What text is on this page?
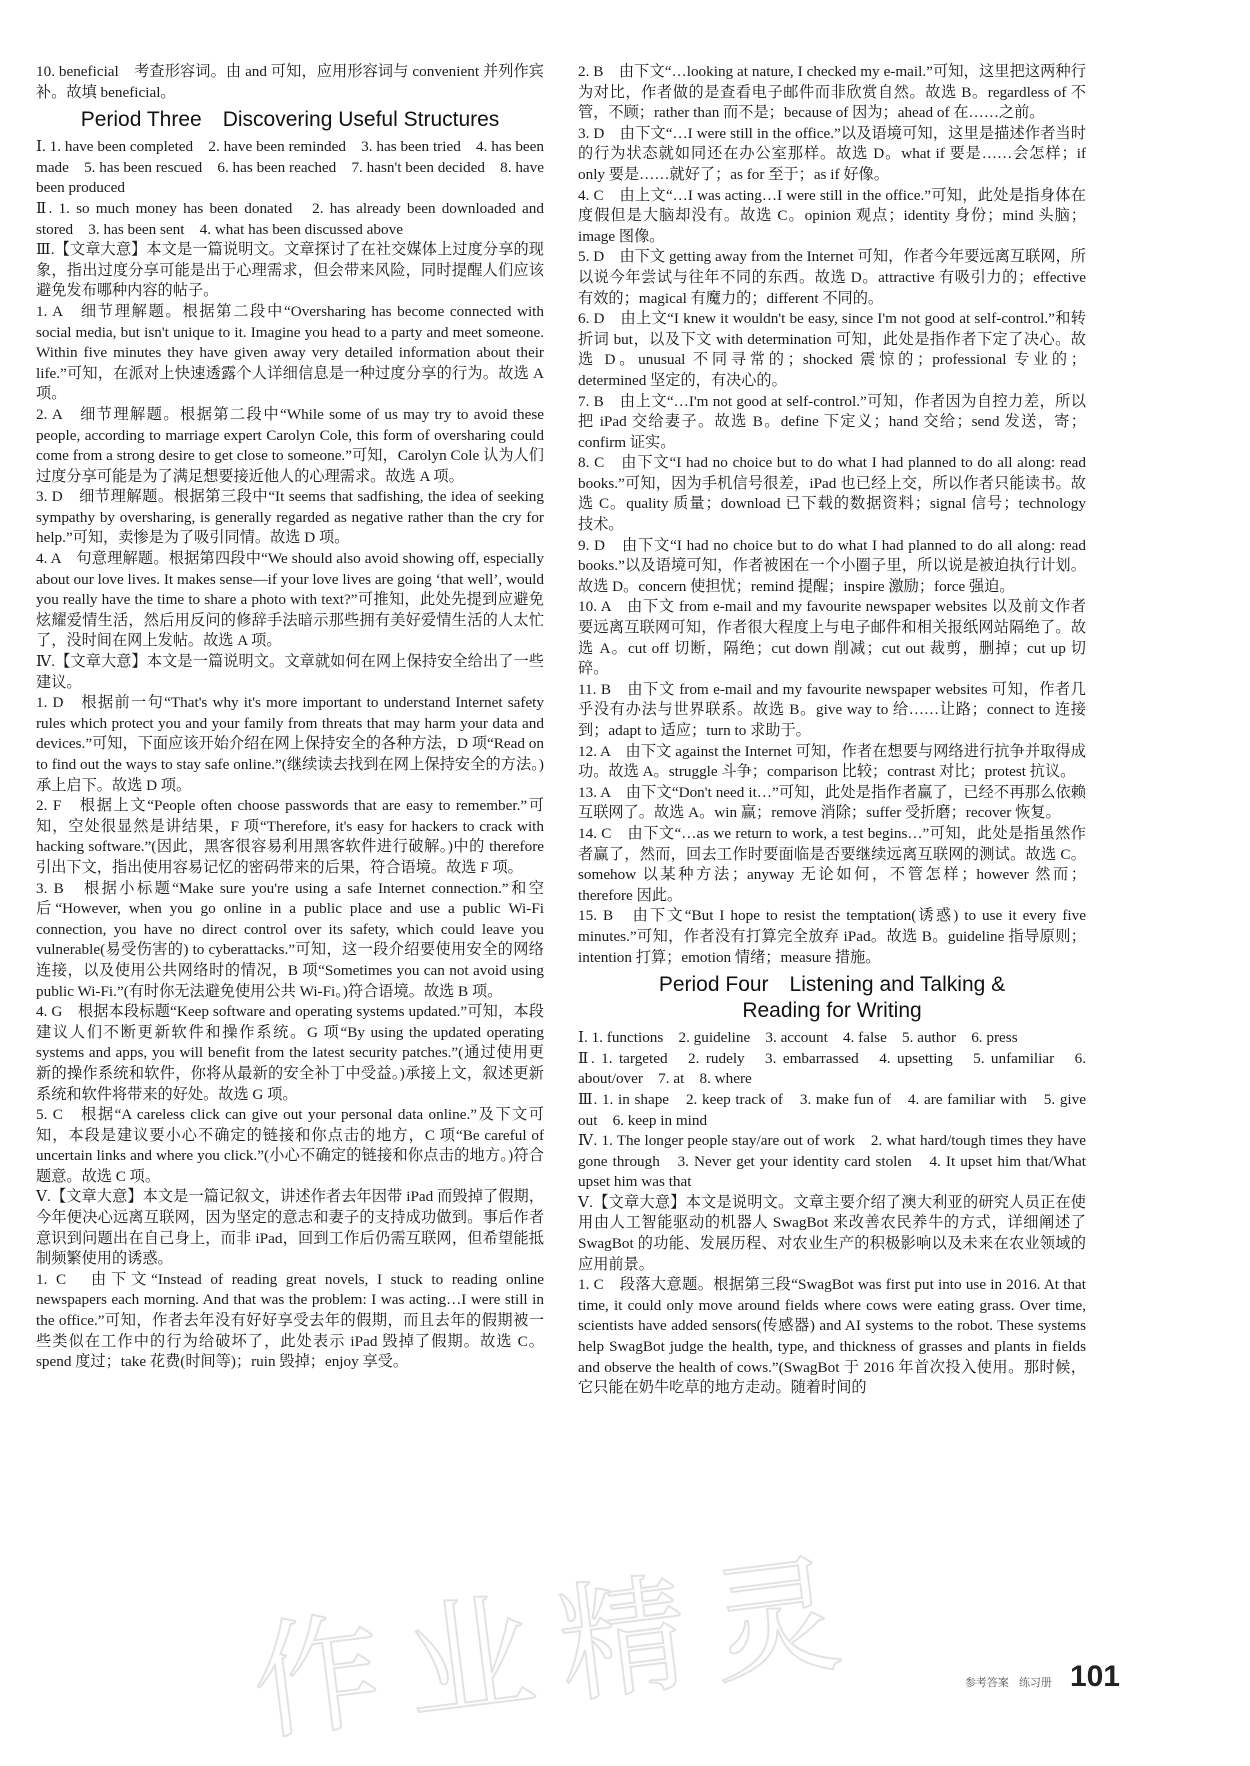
10. beneficial　考查形容词。由 and 可知，应用形容词与 convenient 并列作宾补。故填 beneficial。

Period Three　Discovering Useful Structures

Ⅰ. 1. have been completed　2. have been reminded　3. has been tried　4. has been made　5. has been rescued　6. has been reached　7. hasn't been decided　8. have been produced

Ⅱ. 1. so much money has been donated　2. has already been downloaded and stored　3. has been sent　4. what has been discussed above

Ⅲ.【文章大意】本文是一篇说明文。文章探讨了在社交媒体上过度分享的现象，指出过度分享可能是出于心理需求，但会带来风险，同时提醒人们应该避免发布哪种内容的帖子。

1. A　细节理解题。根据第二段中“Oversharing has become connected with social media, but isn't unique to it. Imagine you head to a party and meet someone. Within five minutes they have given away very detailed information about their life.”可知，在派对上快速透露个人详细信息是一种过度分享的行为。故选 A 项。

2. A　细节理解题。根据第二段中“While some of us may try to avoid these people, according to marriage expert Carolyn Cole, this form of oversharing could come from a strong desire to get close to someone.”可知，Carolyn Cole 认为人们过度分享可能是为了满足想要接近他人的心理需求。故选 A 项。

3. D　细节理解题。根据第三段中“It seems that sadfishing, the idea of seeking sympathy by oversharing, is generally regarded as negative rather than the cry for help.”可知，卖惨是为了吸引同情。故选 D 项。

4. A　句意理解题。根据第四段中“We should also avoid showing off, especially about our love lives. It makes sense—if your love lives are going ‘that well’, would you really have the time to share a photo with text?”可推知，此处先提到应避免炫耀爱情生活，然后用反问的修辞手法暗示那些拥有美好爱情生活的人太忙了，没时间在网上发帖。故选 A 项。

Ⅳ.【文章大意】本文是一篇说明文。文章就如何在网上保持安全给出了一些建议。

1. D　根据前一句“That's why it's more important to understand Internet safety rules which protect you and your family from threats that may harm your data and devices.”可知，下面应该开始介绍在网上保持安全的各种方法，D 项“Read on to find out the ways to stay safe online.”(继续读去找到在网上保持安全的方法。)承上启下。故选 D 项。

2. F　根据上文“People often choose passwords that are easy to remember.”可知，空处很显然是讲结果，F 项“Therefore, it's easy for hackers to crack with hacking software.”(因此，黑客很容易利用黑客软件进行破解。)中的 therefore 引出下文，指出使用容易记忆的密码带来的后果，符合语境。故选 F 项。

3. B　根据小标题“Make sure you're using a safe Internet connection.”和空后“However, when you go online in a public place and use a public Wi-Fi connection, you have no direct control over its safety, which could leave you vulnerable(易受伤害的) to cyberattacks.”可知，这一段介绍要使用安全的网络连接，以及使用公共网络时的情况，B 项“Sometimes you can not avoid using public Wi-Fi.”(有时你无法避免使用公共 Wi-Fi。)符合语境。故选 B 项。

4. G　根据本段标题“Keep software and operating systems updated.”可知，本段建议人们不断更新软件和操作系统。G 项“By using the updated operating systems and apps, you will benefit from the latest security patches.”(通过使用更新的操作系统和软件，你将从最新的安全补丁中受益。)承接上文，叙述更新系统和软件将带来的好处。故选 G 项。

5. C　根据“A careless click can give out your personal data online.”及下文可知，本段是建议要小心不确定的链接和你点击的地方，C 项“Be careful of uncertain links and where you click.”(小心不确定的链接和你点击的地方。)符合题意。故选 C 项。

Ⅴ.【文章大意】本文是一篇记叙文，讲述作者去年因带 iPad 而毁掉了假期，今年便决心远离互联网，因为坚定的意志和妻子的支持成功做到。事后作者意识到问题出在自己身上，而非 iPad，回到工作后仍需互联网，但希望能抵制频繁使用的诱惑。

1. C　由下文“Instead of reading great novels, I stuck to reading online newspapers each morning. And that was the problem: I was acting…I were still in the office.”可知，作者去年没有好好享受去年的假期，而且去年的假期被一些类似在工作中的行为给破坏了，此处表示 iPad 毁掉了假期。故选 C。spend 度过；take 花费(时间等)；ruin 毁掉；enjoy 享受。

2. B　由下文“…looking at nature, I checked my e-mail.”可知，这里把这两种行为对比，作者做的是查看电子邮件而非欣赏自然。故选 B。regardless of 不管，不顾；rather than 而不是；because of 因为；ahead of 在……之前。

3. D　由下文“…I were still in the office.”以及语境可知，这里是描述作者当时的行为状态就如同还在办公室那样。故选 D。what if 要是……会怎样；if only 要是……就好了；as for 至于；as if 好像。

4. C　由上文“…I was acting…I were still in the office.”可知，此处是指身体在度假但是大脑却没有。故选 C。opinion 观点；identity 身份；mind 头脑；image 图像。

5. D　由下文 getting away from the Internet 可知，作者今年要远离互联网，所以说今年尝试与往年不同的东西。故选 D。attractive 有吸引力的；effective 有效的；magical 有魔力的；different 不同的。

6. D　由上文“I knew it wouldn't be easy, since I'm not good at self-control.”和转折词 but，以及下文 with determination 可知，此处是指作者下定了决心。故选 D。unusual 不同寻常的；shocked 震惊的；professional 专业的；determined 坚定的，有决心的。

7. B　由上文“…I'm not good at self-control.”可知，作者因为自控力差，所以把 iPad 交给妻子。故选 B。define 下定义；hand 交给；send 发送，寄；confirm 证实。

8. C　由下文“I had no choice but to do what I had planned to do all along: read books.”可知，因为手机信号很差，iPad 也已经上交，所以作者只能读书。故选 C。quality 质量；download 已下载的数据资料；signal 信号；technology 技术。

9. D　由下文“I had no choice but to do what I had planned to do all along: read books.”以及语境可知，作者被困在一个小圈子里，所以说是被迫执行计划。故选 D。concern 使担忧；remind 提醒；inspire 激励；force 强迫。

10. A　由下文 from e-mail and my favourite newspaper websites 以及前文作者要远离互联网可知，作者很大程度上与电子邮件和相关报纸网站隔绝了。故选 A。cut off 切断，隔绝；cut down 削减；cut out 裁剪，删掉；cut up 切碎。

11. B　由下文 from e-mail and my favourite newspaper websites 可知，作者几乎没有办法与世界联系。故选 B。give way to 给……让路；connect to 连接到；adapt to 适应；turn to 求助于。

12. A　由下文 against the Internet 可知，作者在想要与网络进行抗争并取得成功。故选 A。struggle 斗争；comparison 比较；contrast 对比；protest 抗议。

13. A　由下文“Don't need it…”可知，此处是指作者赢了，已经不再那么依赖互联网了。故选 A。win 赢；remove 消除；suffer 受折磨；recover 恢复。

14. C　由下文“…as we return to work, a test begins…”可知，此处是指虽然作者赢了，然而，回去工作时要面临是否要继续远离互联网的测试。故选 C。somehow 以某种方法；anyway 无论如何，不管怎样；however 然而；therefore 因此。

15. B　由下文“But I hope to resist the temptation(诱惑) to use it every five minutes.”可知，作者没有打算完全放弃 iPad。故选 B。guideline 指导原则；intention 打算；emotion 情绪；measure 措施。

Period Four　Listening and Talking &
Reading for Writing

Ⅰ. 1. functions　2. guideline　3. account　4. false　5. author　6. press

Ⅱ. 1. targeted　2. rudely　3. embarrassed　4. upsetting　5. unfamiliar　6. about/over　7. at　8. where

Ⅲ. 1. in shape　2. keep track of　3. make fun of　4. are familiar with　5. give out　6. keep in mind

Ⅳ. 1. The longer people stay/are out of work　2. what hard/tough times they have gone through　3. Never get your identity card stolen　4. It upset him that/What upset him was that

Ⅴ.【文章大意】本文是说明文。文章主要介绍了澳大利亚的研究人员正在使用由人工智能驱动的机器人 SwagBot 来改善农民养牛的方式，详细阐述了 SwagBot 的功能、发展历程、对农业生产的积极影响以及未来在农业领域的应用前景。

1. C　段落大意题。根据第三段“SwagBot was first put into use in 2016. At that time, it could only move around fields where cows were eating grass. Over time, scientists have added sensors(传感器) and AI systems to the robot. These systems help SwagBot judge the health, type, and thickness of grasses and plants in fields and observe the health of cows.”(SwagBot 于 2016 年首次投入使用。那时候，它只能在奶牛吃草的地方走动。随着时间的

作业精灵	参考答案 练习册 101
